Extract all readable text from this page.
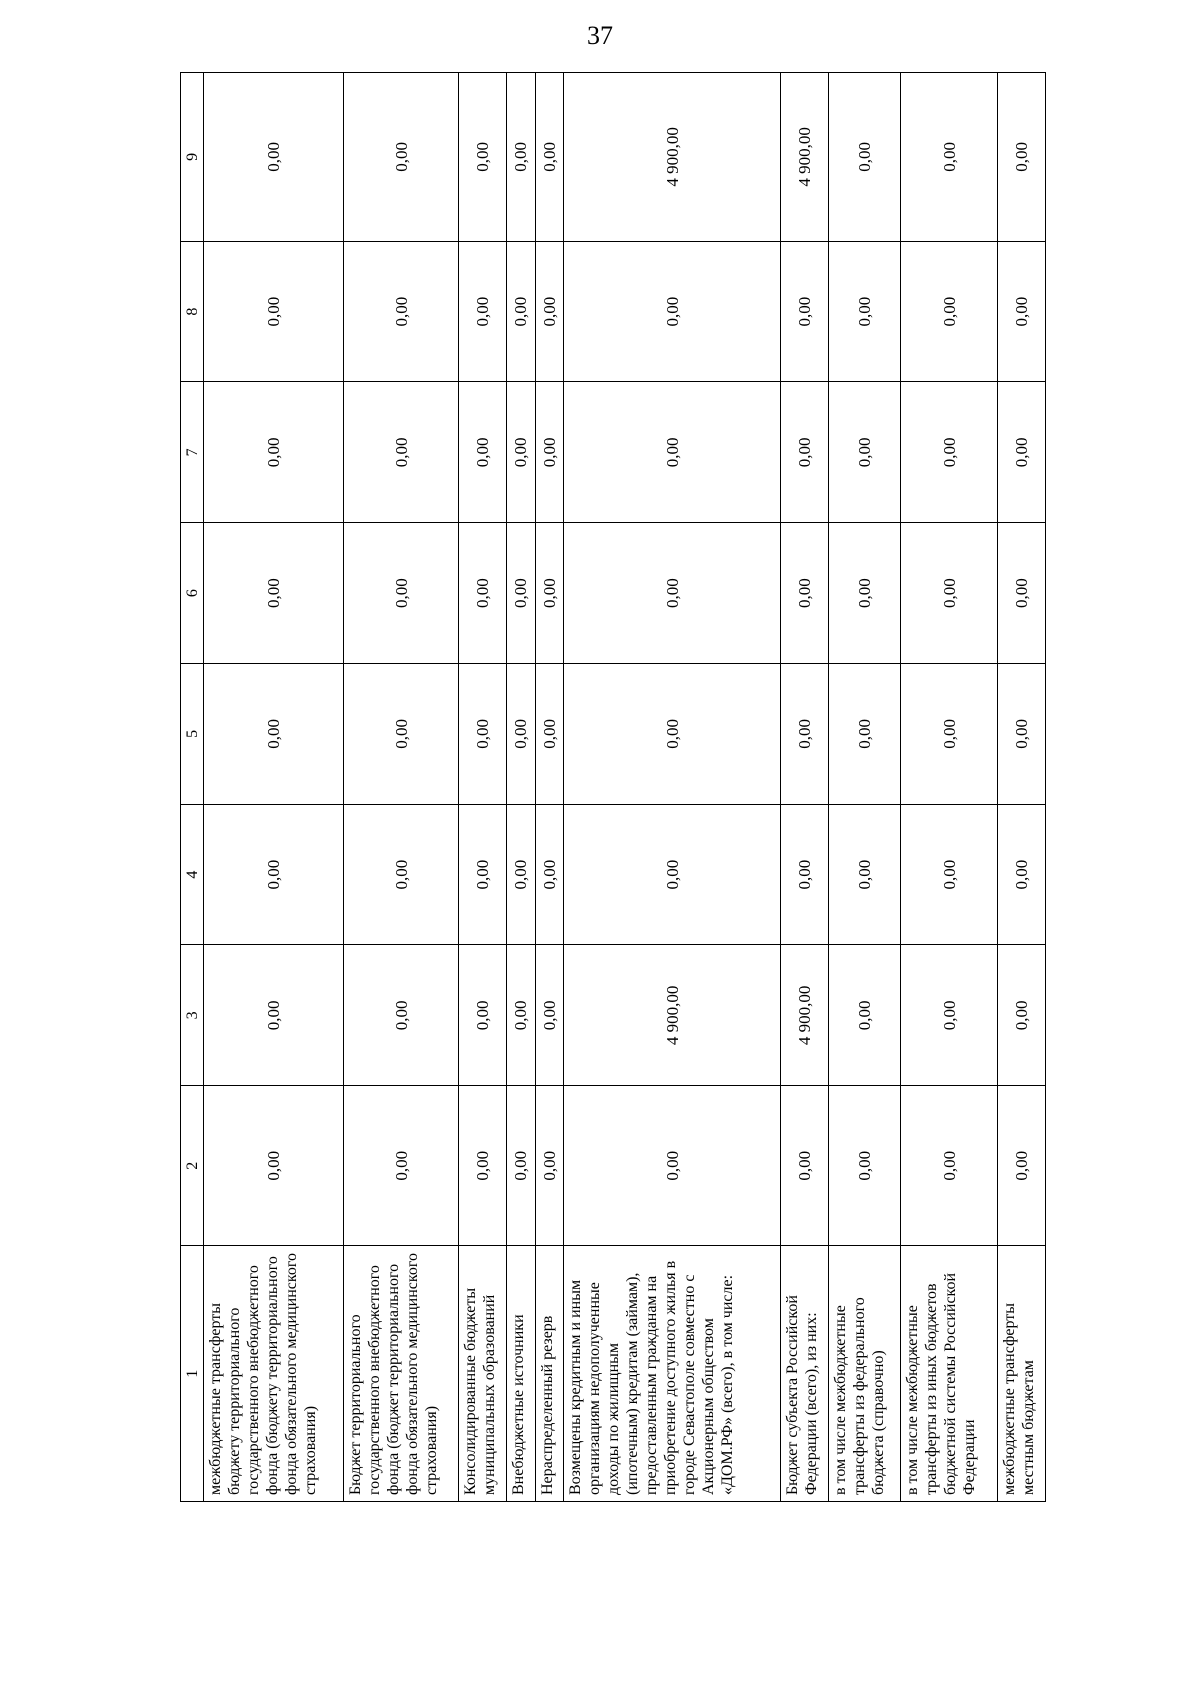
37
1	2	3	4	5	6	7	8	9
межбюджетные трансферты бюджету территориального государственного внебюджетного фонда (бюджету территориального фонда обязательного медицинского страхования)	0,00	0,00	0,00	0,00	0,00	0,00	0,00	0,00
Бюджет территориального государственного внебюджетного фонда (бюджет территориального фонда обязательного медицинского страхования)	0,00	0,00	0,00	0,00	0,00	0,00	0,00	0,00
Консолидированные бюджеты муниципальных образований	0,00	0,00	0,00	0,00	0,00	0,00	0,00	0,00
Внебюджетные источники	0,00	0,00	0,00	0,00	0,00	0,00	0,00	0,00
Нераспределенный резерв	0,00	0,00	0,00	0,00	0,00	0,00	0,00	0,00
Возмещены кредитным и иным организациям недополученные доходы по жилищным (ипотечным) кредитам (займам), предоставленным гражданам на приобретение доступного жилья в городе Севастополе совместно с Акционерным обществом «ДОМ.РФ» (всего), в том числе:	0,00	4 900,00	0,00	0,00	0,00	0,00	0,00	4 900,00
Бюджет субъекта Российской Федерации (всего), из них:	0,00	4 900,00	0,00	0,00	0,00	0,00	0,00	4 900,00
в том числе межбюджетные трансферты из федерального бюджета (справочно)	0,00	0,00	0,00	0,00	0,00	0,00	0,00	0,00
в том числе межбюджетные трансферты из иных бюджетов бюджетной системы Российской Федерации	0,00	0,00	0,00	0,00	0,00	0,00	0,00	0,00
межбюджетные трансферты местным бюджетам	0,00	0,00	0,00	0,00	0,00	0,00	0,00	0,00
